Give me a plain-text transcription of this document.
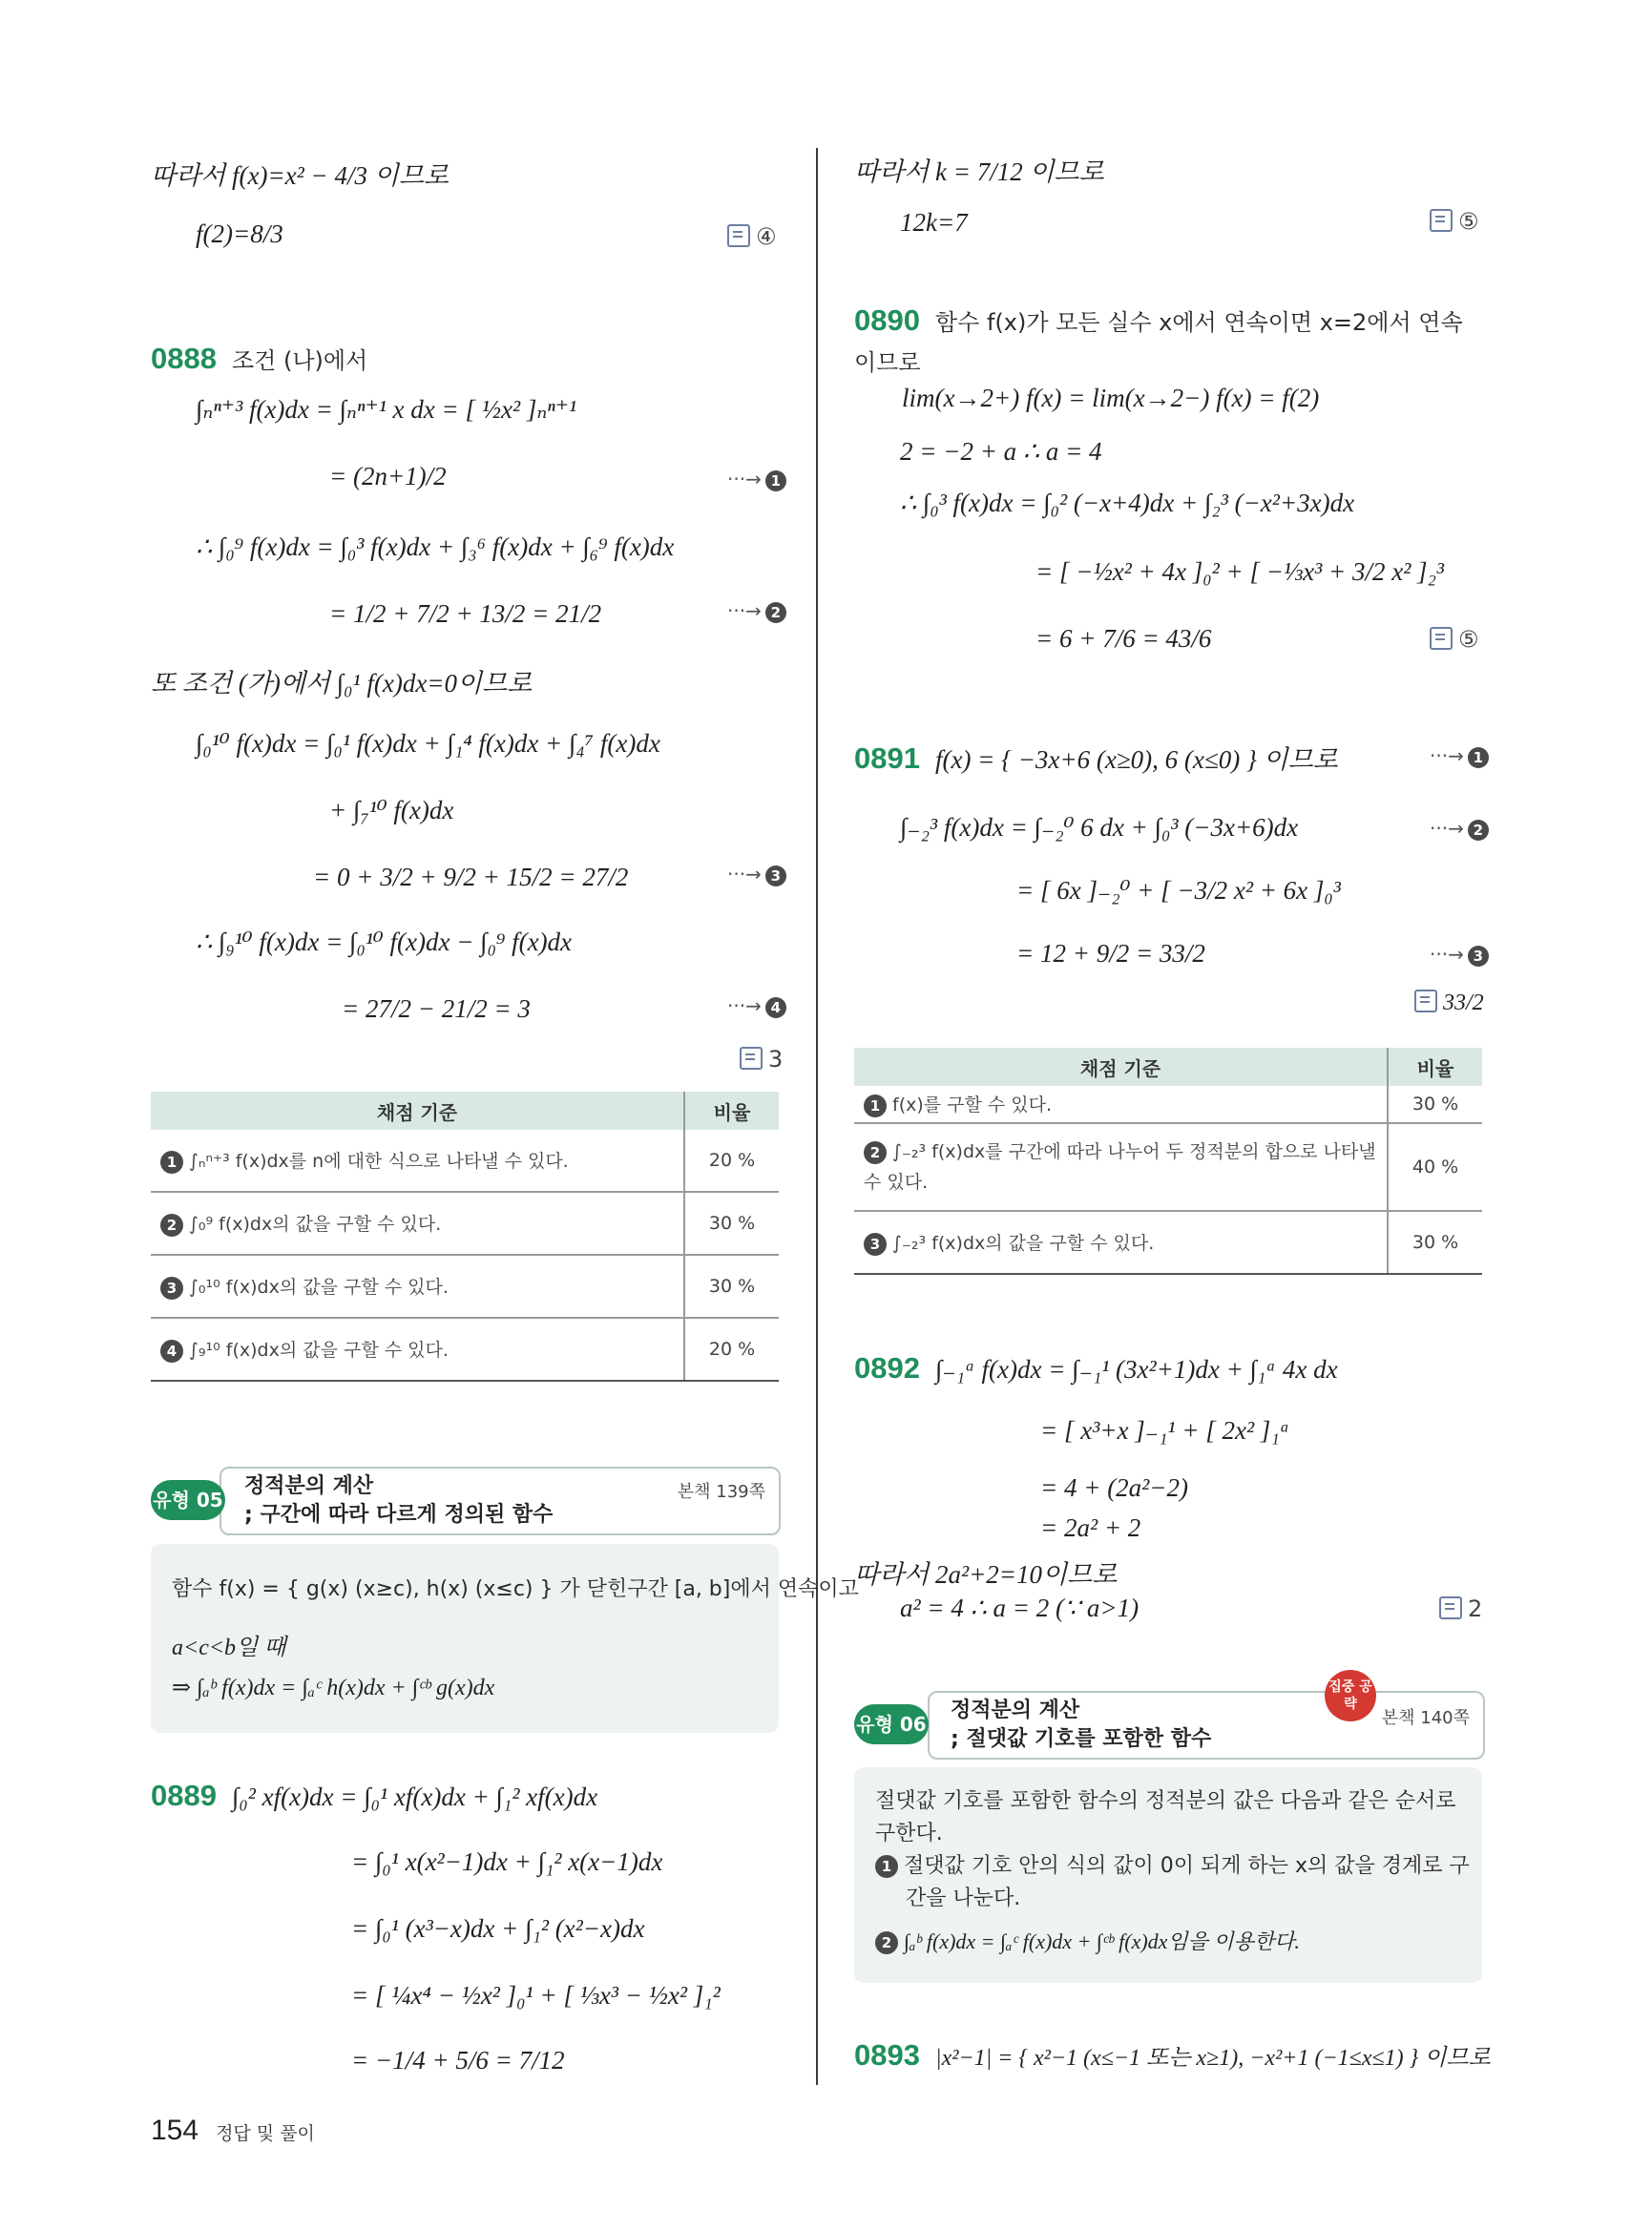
따라서 f(x)=x² − 4/3 이므로
f(2)=8/3	④
0888 조건 (나)에서
∫ₙⁿ⁺³ f(x)dx = ∫ₙⁿ⁺¹ x dx = [ ½x² ]ₙⁿ⁺¹
= (2n+1)/2	···→ 1
∴ ∫₀⁹ f(x)dx = ∫₀³ f(x)dx + ∫₃⁶ f(x)dx + ∫₆⁹ f(x)dx
= 1/2 + 7/2 + 13/2 = 21/2	···→ 2
또 조건 (가)에서 ∫₀¹ f(x)dx=0이므로
∫₀¹⁰ f(x)dx = ∫₀¹ f(x)dx + ∫₁⁴ f(x)dx + ∫₄⁷ f(x)dx
+ ∫₇¹⁰ f(x)dx
= 0 + 3/2 + 9/2 + 15/2 = 27/2	···→ 3
∴ ∫₉¹⁰ f(x)dx = ∫₀¹⁰ f(x)dx − ∫₀⁹ f(x)dx
= 27/2 − 21/2 = 3	···→ 4
3
채점 기준	비율
1 ∫ₙⁿ⁺³ f(x)dx를 n에 대한 식으로 나타낼 수 있다.	20 %
2 ∫₀⁹ f(x)dx의 값을 구할 수 있다.	30 %
3 ∫₀¹⁰ f(x)dx의 값을 구할 수 있다.	30 %
4 ∫₉¹⁰ f(x)dx의 값을 구할 수 있다.	20 %
정적분의 계산
; 구간에 따라 다르게 정의된 함수
본책 139쪽
유형 05
함수 f(x) = { g(x) (x≥c), h(x) (x≤c) } 가 닫힌구간 [a, b]에서 연속이고
a<c<b일 때
⇒ ∫ₐᵇ f(x)dx = ∫ₐᶜ h(x)dx + ∫ᶜᵇ g(x)dx
0889 ∫₀² xf(x)dx = ∫₀¹ xf(x)dx + ∫₁² xf(x)dx
= ∫₀¹ x(x²−1)dx + ∫₁² x(x−1)dx
= ∫₀¹ (x³−x)dx + ∫₁² (x²−x)dx
= [ ¼x⁴ − ½x² ]₀¹ + [ ⅓x³ − ½x² ]₁²
= −1/4 + 5/6 = 7/12
따라서 k = 7/12 이므로
12k=7	⑤
0890 함수 f(x)가 모든 실수 x에서 연속이면 x=2에서 연속
이므로
lim(x→2+) f(x) = lim(x→2−) f(x) = f(2)
2 = −2 + a ∴ a = 4
∴ ∫₀³ f(x)dx = ∫₀² (−x+4)dx + ∫₂³ (−x²+3x)dx
= [ −½x² + 4x ]₀² + [ −⅓x³ + 3/2 x² ]₂³
= 6 + 7/6 = 43/6	⑤
0891 f(x) = { −3x+6 (x≥0), 6 (x≤0) } 이므로	···→ 1
∫₋₂³ f(x)dx = ∫₋₂⁰ 6 dx + ∫₀³ (−3x+6)dx	···→ 2
= [ 6x ]₋₂⁰ + [ −3/2 x² + 6x ]₀³
= 12 + 9/2 = 33/2	···→ 3
33/2
채점 기준	비율
1 f(x)를 구할 수 있다.	30 %
2 ∫₋₂³ f(x)dx를 구간에 따라 나누어 두 정적분의 합으로 나타낼 수 있다.	40 %
3 ∫₋₂³ f(x)dx의 값을 구할 수 있다.	30 %
0892 ∫₋₁ᵃ f(x)dx = ∫₋₁¹ (3x²+1)dx + ∫₁ᵃ 4x dx
= [ x³+x ]₋₁¹ + [ 2x² ]₁ᵃ
= 4 + (2a²−2)
= 2a² + 2
따라서 2a²+2=10이므로
a² = 4 ∴ a = 2 (∵ a>1)	2
정적분의 계산
; 절댓값 기호를 포함한 함수
본책 140쪽
집중 공략
유형 06
절댓값 기호를 포함한 함수의 정적분의 값은 다음과 같은 순서로
구한다.
1 절댓값 기호 안의 식의 값이 0이 되게 하는 x의 값을 경계로 구
간을 나눈다.
2 ∫ₐᵇ f(x)dx = ∫ₐᶜ f(x)dx + ∫ᶜᵇ f(x)dx임을 이용한다.
0893 |x²−1| = { x²−1 (x≤−1 또는 x≥1), −x²+1 (−1≤x≤1) } 이므로
154 정답 및 풀이
